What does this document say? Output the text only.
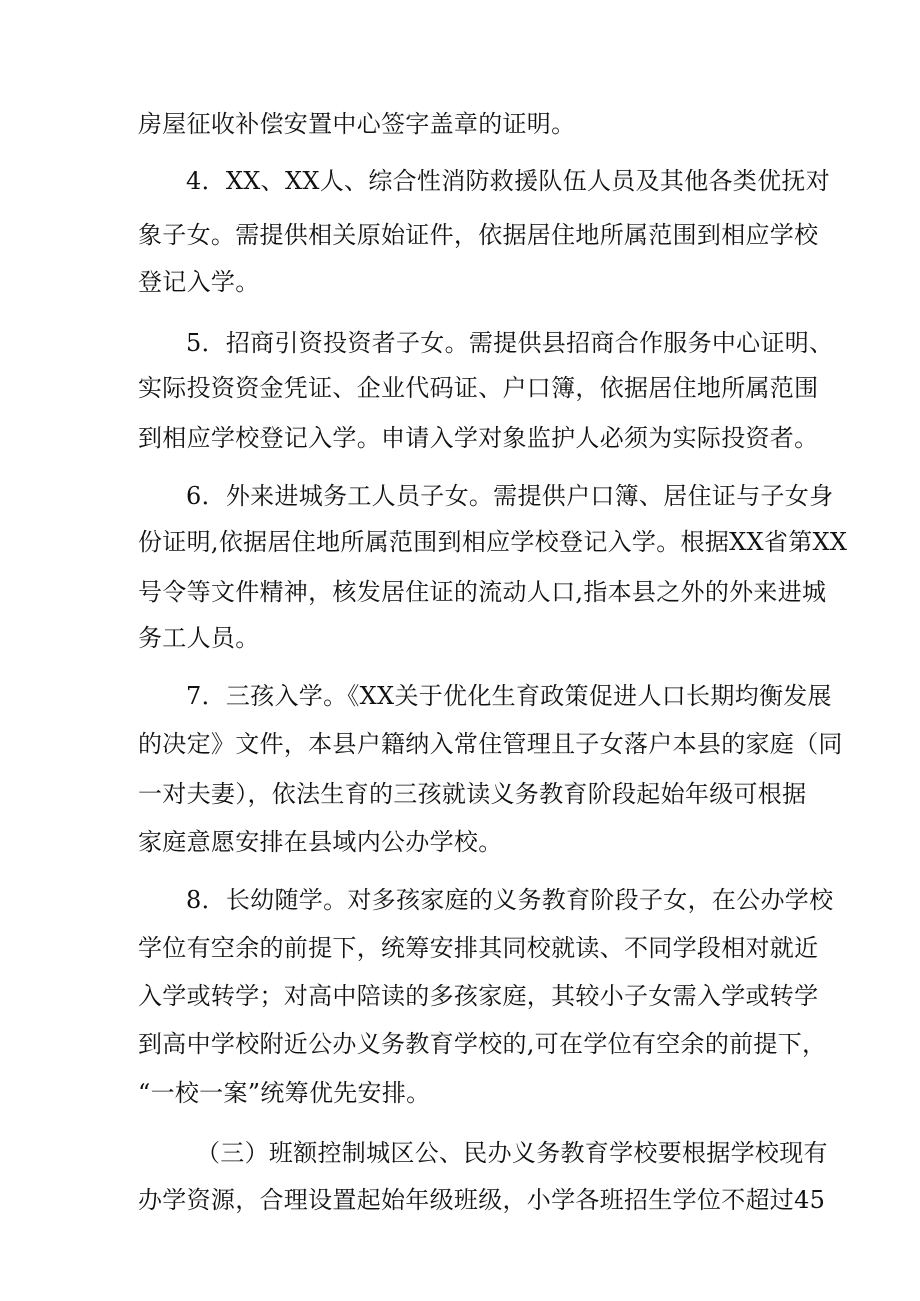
房屋征收补偿安置中心签字盖章的证明。
4．XX、XX人、综合性消防救援队伍人员及其他各类优抚对
象子女。需提供相关原始证件，依据居住地所属范围到相应学校
登记入学。
5．招商引资投资者子女。需提供县招商合作服务中心证明、
实际投资资金凭证、企业代码证、户口簿，依据居住地所属范围
到相应学校登记入学。申请入学对象监护人必须为实际投资者。
6．外来进城务工人员子女。需提供户口簿、居住证与子女身
份证明,依据居住地所属范围到相应学校登记入学。根据XX省第XX
号令等文件精神，核发居住证的流动人口,指本县之外的外来进城
务工人员。
7．三孩入学。《XX关于优化生育政策促进人口长期均衡发展
的决定》文件，本县户籍纳入常住管理且子女落户本县的家庭（同
一对夫妻），依法生育的三孩就读义务教育阶段起始年级可根据
家庭意愿安排在县域内公办学校。
8．长幼随学。对多孩家庭的义务教育阶段子女，在公办学校
学位有空余的前提下，统筹安排其同校就读、不同学段相对就近
入学或转学；对高中陪读的多孩家庭，其较小子女需入学或转学
到高中学校附近公办义务教育学校的,可在学位有空余的前提下，
“一校一案”统筹优先安排。
（三）班额控制城区公、民办义务教育学校要根据学校现有
办学资源，合理设置起始年级班级，小学各班招生学位不超过45
